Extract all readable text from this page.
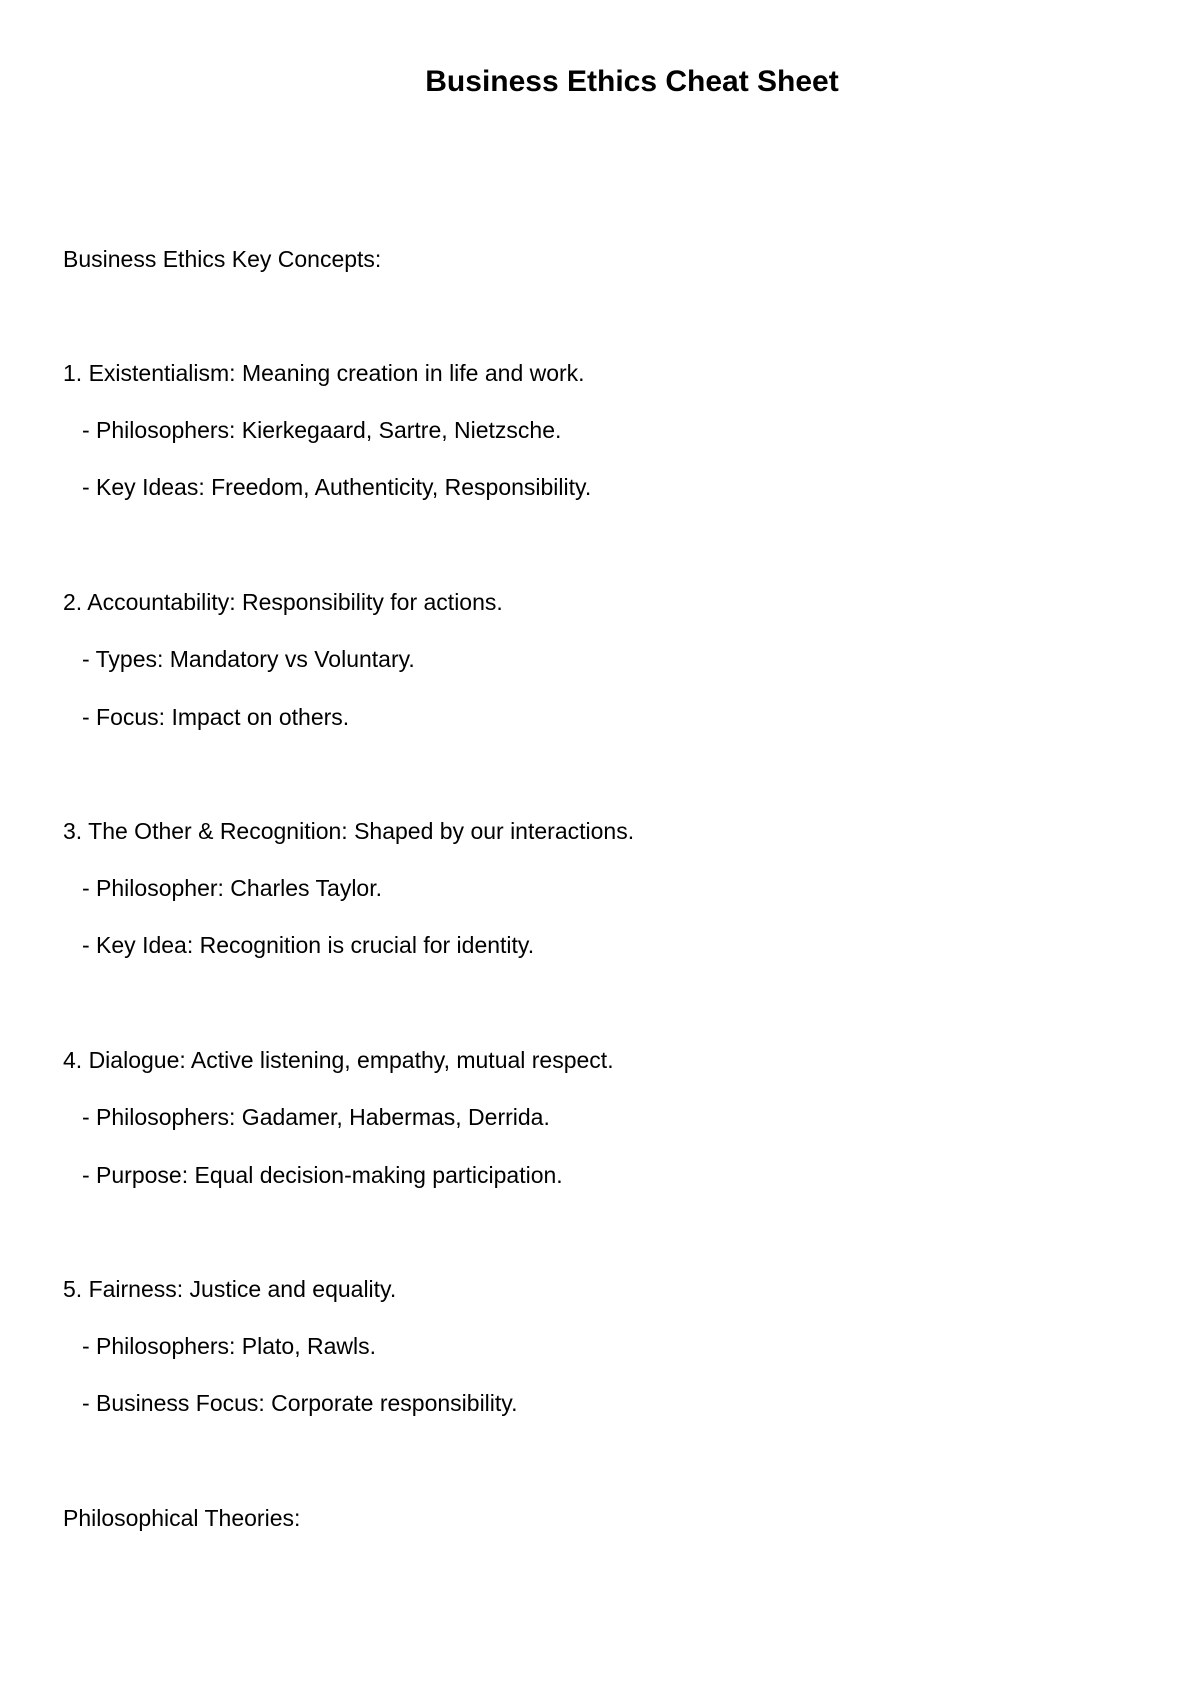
Business Ethics Cheat Sheet

Business Ethics Key Concepts:

1. Existentialism: Meaning creation in life and work.

- Philosophers: Kierkegaard, Sartre, Nietzsche.

- Key Ideas: Freedom, Authenticity, Responsibility.

2. Accountability: Responsibility for actions.

- Types: Mandatory vs Voluntary.

- Focus: Impact on others.

3. The Other & Recognition: Shaped by our interactions.

- Philosopher: Charles Taylor.

- Key Idea: Recognition is crucial for identity.

4. Dialogue: Active listening, empathy, mutual respect.

- Philosophers: Gadamer, Habermas, Derrida.

- Purpose: Equal decision-making participation.

5. Fairness: Justice and equality.

- Philosophers: Plato, Rawls.

- Business Focus: Corporate responsibility.

Philosophical Theories:
